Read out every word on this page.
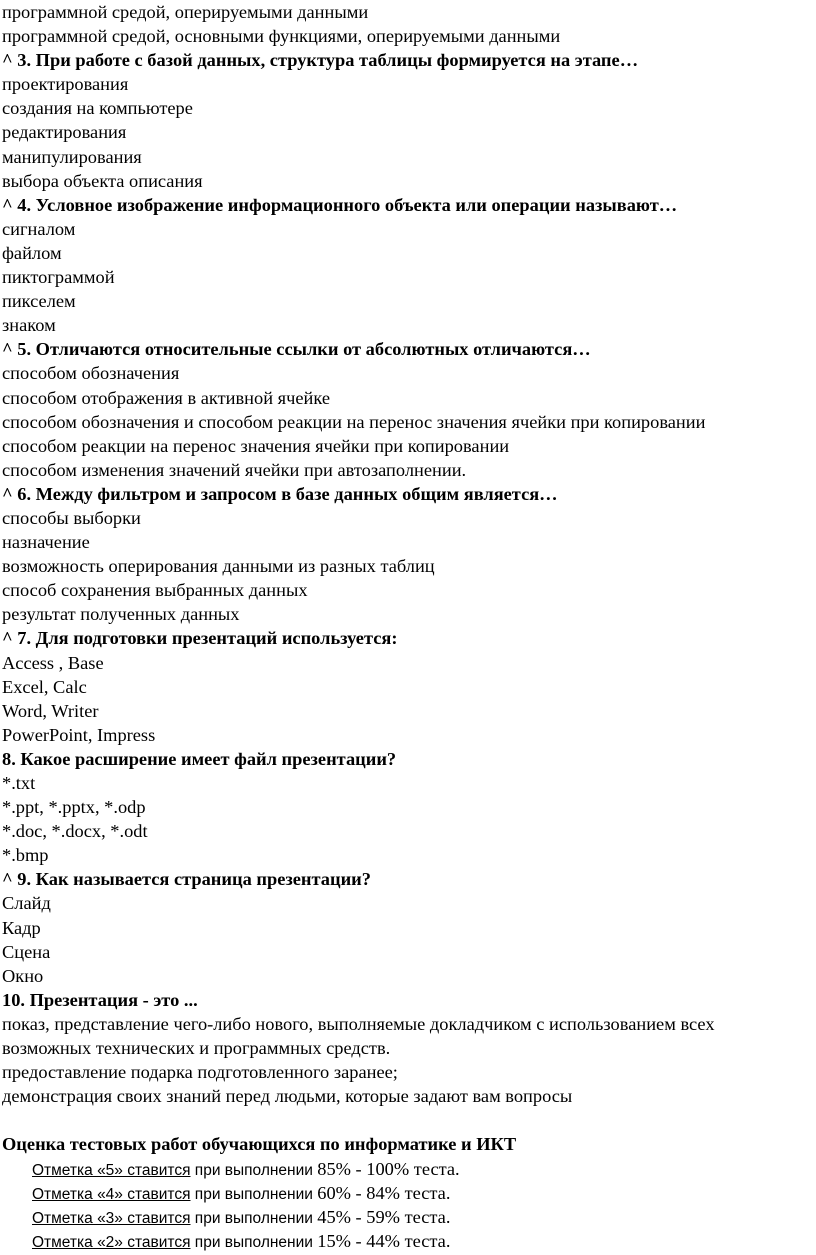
программной средой, оперируемыми данными
программной средой, основными функциями, оперируемыми данными
^ 3. При работе с базой данных, структура таблицы формируется на этапе…
проектирования
создания на компьютере
редактирования
манипулирования
выбора объекта описания
^ 4. Условное изображение информационного объекта или операции называют…
сигналом
файлом
пиктограммой
пикселем
знаком
^ 5. Отличаются относительные ссылки от абсолютных отличаются…
способом обозначения
способом отображения в активной ячейке
способом обозначения и способом реакции на перенос значения ячейки при копировании
способом реакции на перенос значения ячейки при копировании
способом изменения значений ячейки при автозаполнении.
^ 6. Между фильтром и запросом в базе данных общим является…
способы выборки
назначение
возможность оперирования данными из разных таблиц
способ сохранения выбранных данных
результат полученных данных
^ 7. Для подготовки презентаций используется:
Access , Base
Excel, Calc
Word, Writer
PowerPoint, Impress
8. Какое расширение имеет файл презентации?
*.txt
*.ppt, *.pptx, *.odp
*.doc, *.docx, *.odt
*.bmp
^ 9. Как называется страница презентации?
Слайд
Кадр
Сцена
Окно
10. Презентация - это ...
показ, представление чего-либо нового, выполняемые докладчиком с использованием всех
возможных технических и программных средств.
предоставление подарка подготовленного заранее;
демонстрация своих знаний перед людьми, которые задают вам вопросы
Оценка тестовых работ обучающихся по информатике и ИКТ
Отметка «5» ставится при выполнении 85% - 100% теста.
Отметка «4» ставится при выполнении 60% - 84% теста.
Отметка «3» ставится при выполнении 45% - 59% теста.
Отметка «2» ставится при выполнении 15% - 44% теста.
